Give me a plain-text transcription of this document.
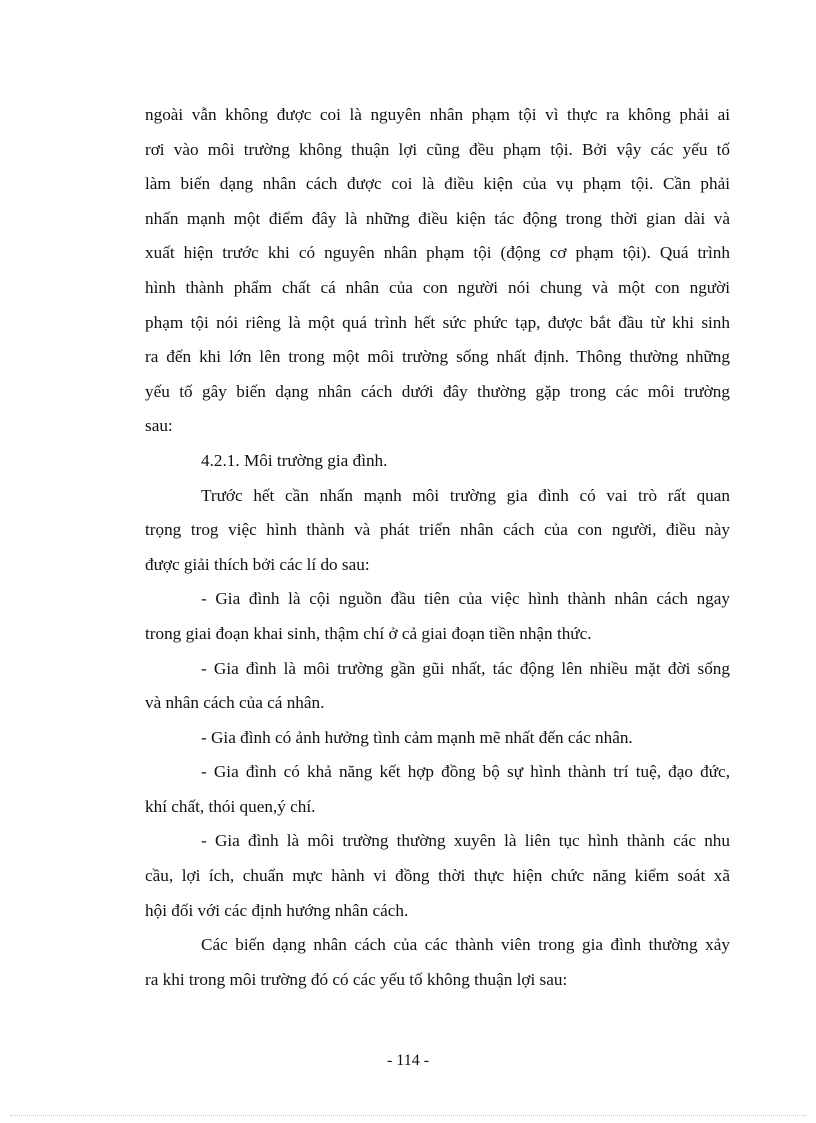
ngoài vẫn không được coi là nguyên nhân phạm tội vì thực ra không phải ai
rơi vào môi trường không thuận lợi cũng đều phạm tội. Bởi vậy các yếu tố
làm biến dạng nhân cách được coi là điều kiện của vụ phạm tội. Cần phải
nhấn mạnh một điểm đây là những điều kiện tác động trong thời gian dài và
xuất hiện trước khi có nguyên nhân phạm tội (động cơ phạm tội). Quá trình
hình thành phẩm chất cá nhân của con người nói chung và một con người
phạm tội nói riêng là một quá trình hết sức phức tạp, được bắt đầu từ khi sinh
ra đến khi lớn lên trong một môi trường sống nhất định. Thông thường những
yếu tố gây biến dạng nhân cách dưới đây thường gặp trong các môi trường
sau:
4.2.1. Môi trường gia đình.
Trước hết cần nhấn mạnh môi trường gia đình có vai trò rất quan
trọng trog việc hình thành và phát triển nhân cách của con người, điều này
được giải thích bởi các lí do sau:
- Gia đình là cội nguồn đầu tiên của việc hình thành nhân cách ngay
trong giai đoạn khai sinh, thậm chí ở cả giai đoạn tiền nhận thức.
- Gia đình là môi trường gần gũi nhất, tác động lên nhiều mặt đời sống
và nhân cách của cá nhân.
- Gia đình có ảnh hưởng tình cảm mạnh mẽ nhất đến các nhân.
- Gia đình có khả năng kết hợp đồng bộ sự hình thành trí tuệ, đạo đức,
khí chất, thói quen,ý chí.
- Gia đình là môi trường thường xuyên là liên tục hình thành các nhu
cầu, lợi ích, chuẩn mực hành vi đồng thời thực hiện chức năng kiểm soát xã
hội đối với các định hướng nhân cách.
Các biến dạng nhân cách của các thành viên trong gia đình thường xảy
ra khi trong môi trường đó có các yếu tố không thuận lợi sau:
- 114 -
